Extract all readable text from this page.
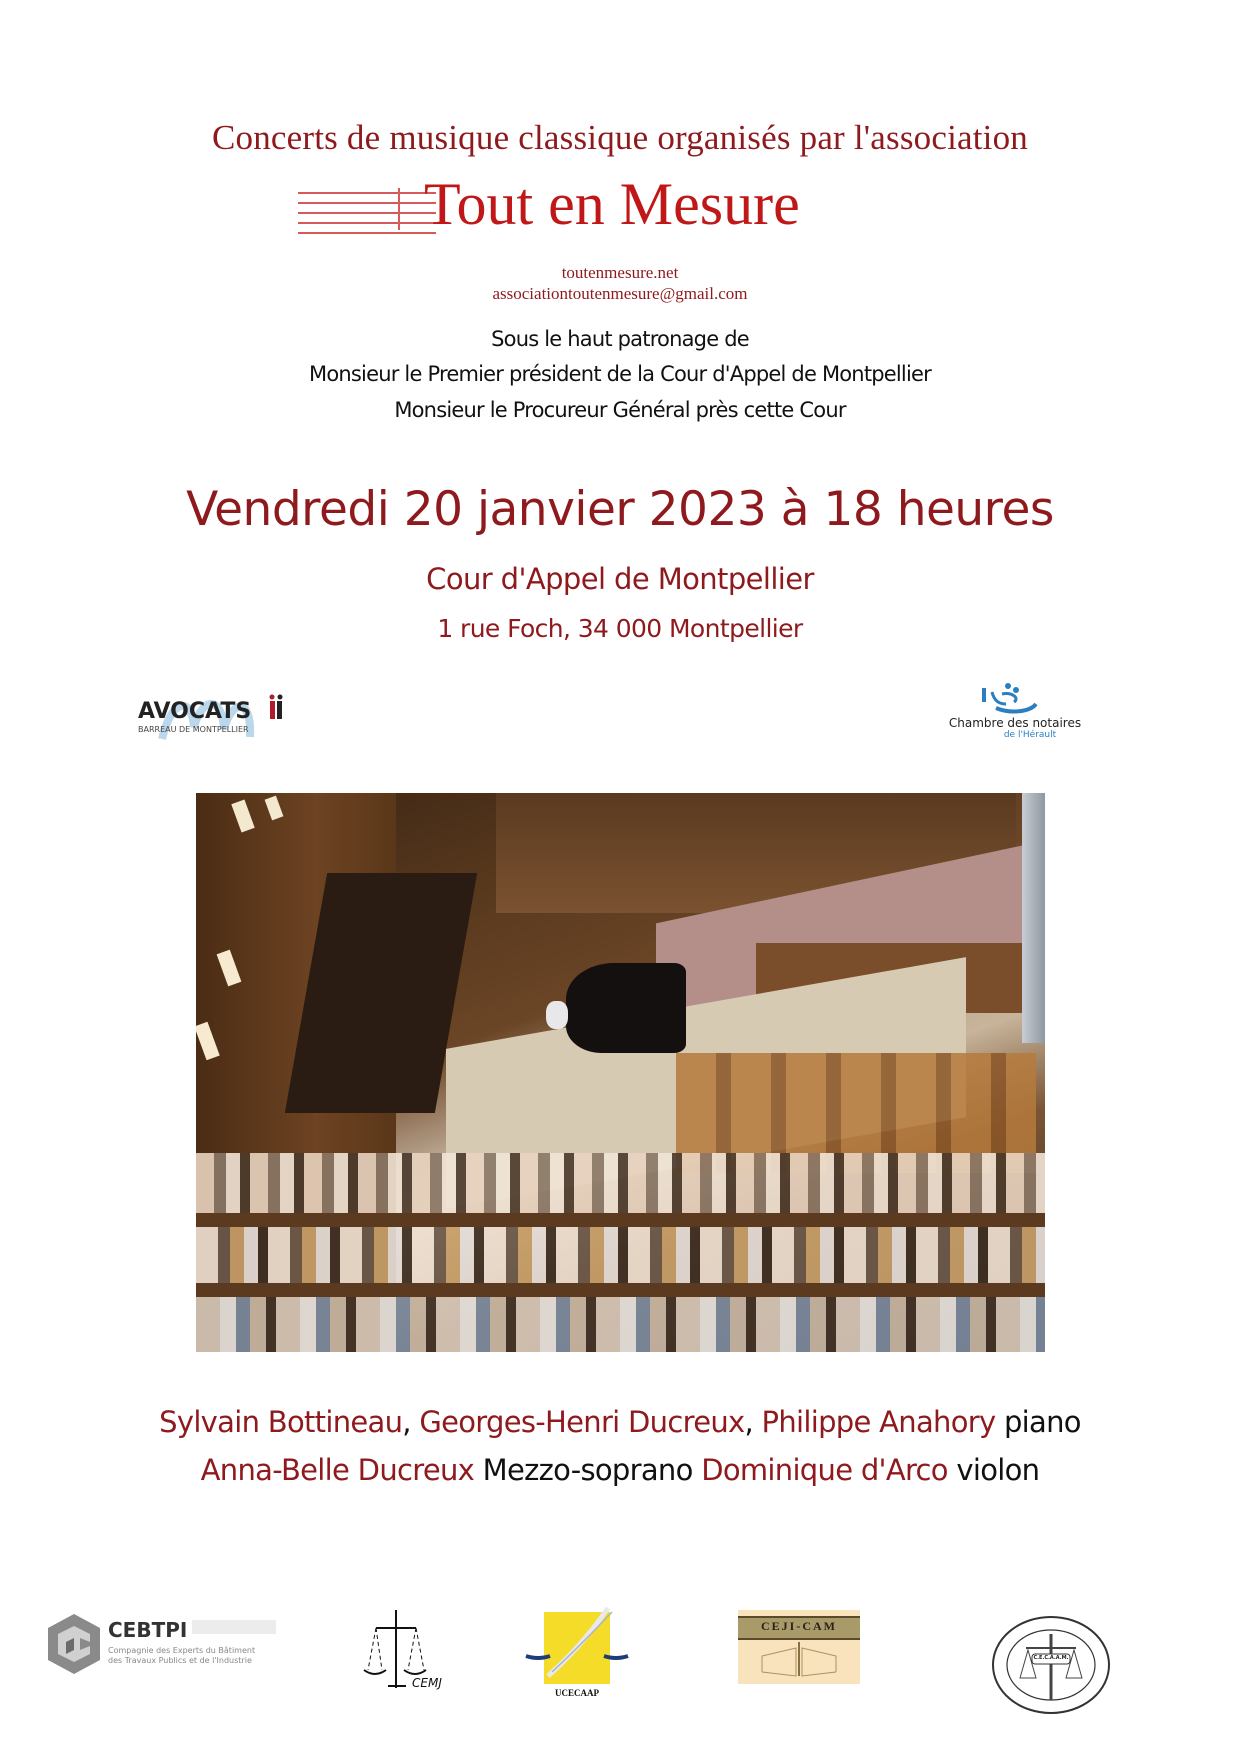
Concerts de musique classique organisés par l'association
Tout en Mesure
toutenmesure.net
associationtoutenmesure@gmail.com
Sous le haut patronage de
Monsieur le Premier président de la Cour d'Appel de Montpellier
Monsieur le Procureur Général près cette Cour
Vendredi 20 janvier 2023 à 18 heures
Cour d'Appel de Montpellier
1 rue Foch, 34 000 Montpellier
AVOCATS
BARREAU DE MONTPELLIER	Chambre des notaires
de l'Hérault
Sylvain Bottineau, Georges-Henri Ducreux, Philippe Anahory piano
Anna-Belle Ducreux Mezzo-soprano Dominique d'Arco violon
CEBTPI
Compagnie des Experts du Bâtiment
des Travaux Publics et de l'Industrie
CEMJ
UCECAAP
CEJI-CAM
C.E.C.A.A.M.
